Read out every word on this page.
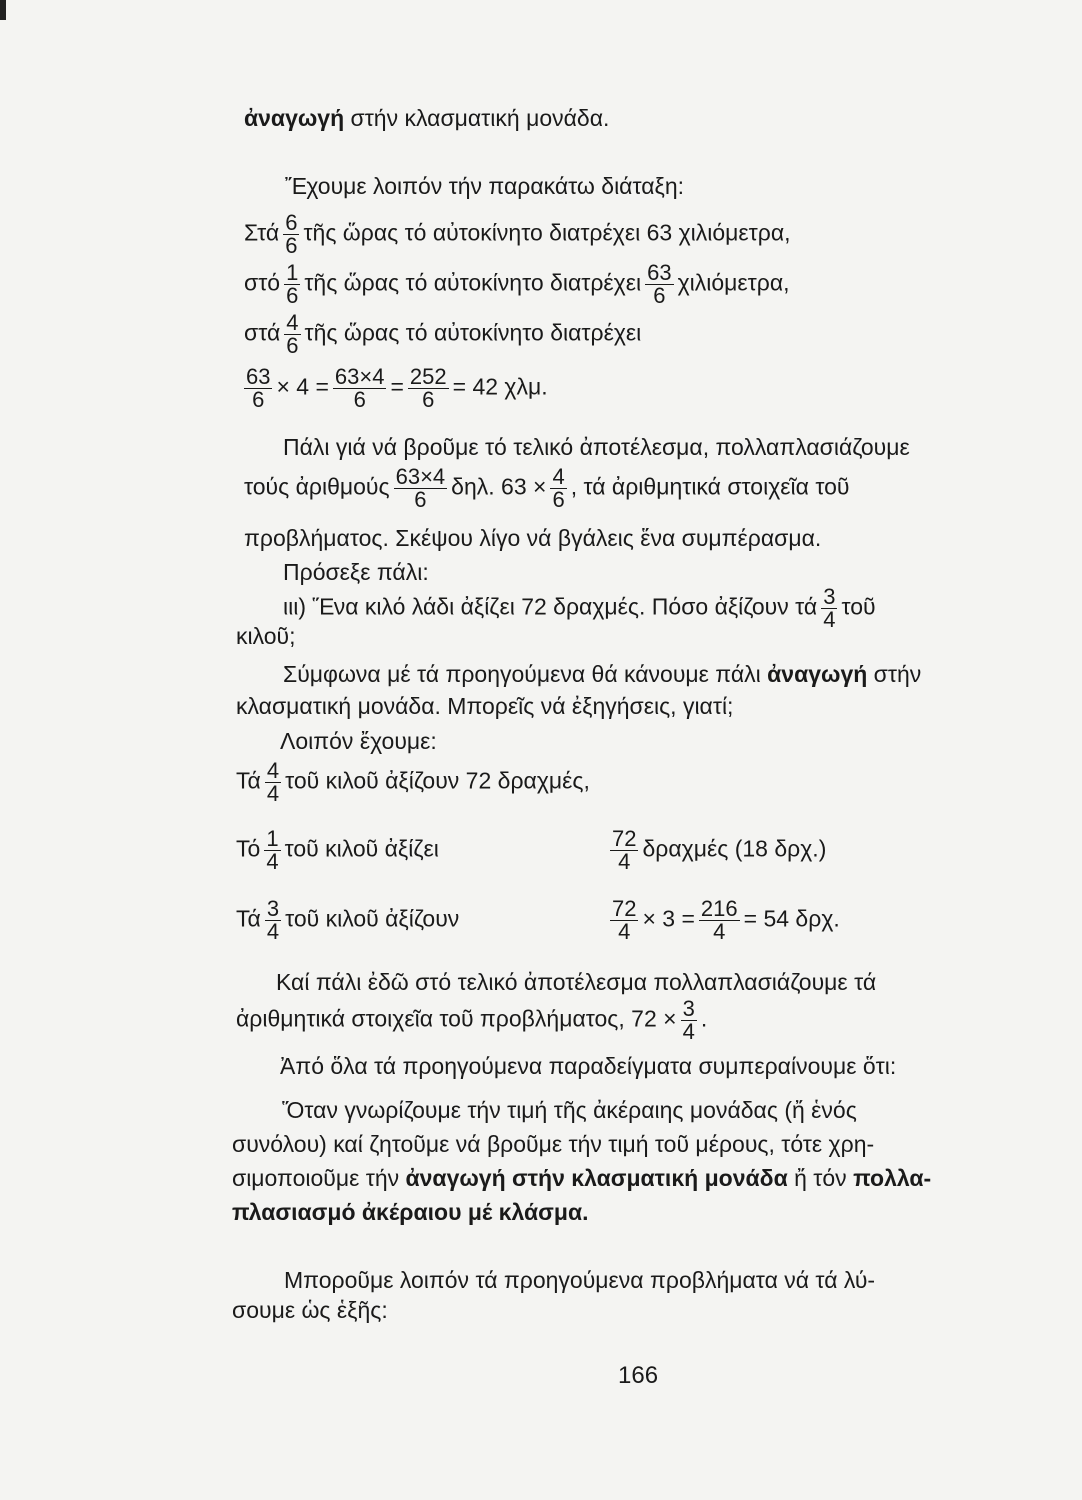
ἀναγωγή στήν κλασματική μονάδα.
Ἔχουμε λοιπόν τήν παρακάτω διάταξη:
Στά $\frac{6}{6}$ τῆς ὥρας τό αὐτοκίνητο διατρέχει 63 χιλιόμετρα,
στό $\frac{1}{6}$ τῆς ὥρας τό αὐτοκίνητο διατρέχει $\frac{63}{6} \chi\iota\lambda\iota ό\mu\varepsilon\tau\rho\alpha$,
στά $\frac{4}{6}$ τῆς ὥρας τό αὐτοκίνητο διατρέχει
$\frac{63}{6} \times 4 = \frac{63\times 4}{6} = \frac{252}{6} = 42$ χλμ.
Πάλι γιά νά βροῦμε τό τελικό ἀποτέλεσμα, πολλαπλασιάζουμε
τούς ἀριθμούς $\frac{63\times 4}{6} \delta\eta\lambda$. $63 \times \frac{4}{6}$ , τά ἀριθμητικά στοιχεῖα τοῦ
προβλήματος. Σκέψου λίγο νά βγάλεις ἕνα συμπέρασμα.
Πρόσεξε πάλι:
ιιι) Ἕνα κιλό λάδι ἀξίζει 72 δραχμές. Πόσο ἀξίζουν τά $\frac{3}{4}$ τοῦ
κιλοῦ;
Σύμφωνα μέ τά προηγούμενα θά κάνουμε πάλι ἀναγωγή στήν
κλασματική μονάδα. Μπορεῖς νά ἐξηγήσεις, γιατί;
Λοιπόν ἔχουμε:
Τά $\frac{4}{4}$ τοῦ κιλοῦ ἀξίζουν 72 δραχμές,
Τό $\frac{1}{4}$ τοῦ κιλοῦ ἀξίζει	$\frac{72}{4}$ δραχμές (18 δρχ.)
Τά $\frac{3}{4}$ τοῦ κιλοῦ ἀξίζουν	$\frac{72}{4} \times 3 = \frac{216}{4} = 54$ δρχ.
Καί πάλι ἐδῶ στό τελικό ἀποτέλεσμα πολλαπλασιάζουμε τά
ἀριθμητικά στοιχεῖα τοῦ προβλήματος, $72 \times \frac{3}{4}$ .
Ἀπό ὅλα τά προηγούμενα παραδείγματα συμπεραίνουμε ὅτι:
Ὅταν γνωρίζουμε τήν τιμή τῆς ἀκέραιης μονάδας (ἤ ἑνός
συνόλου) καί ζητοῦμε νά βροῦμε τήν τιμή τοῦ μέρους, τότε χρη-
σιμοποιοῦμε τήν ἀναγωγή στήν κλασματική μονάδα ἤ τόν πολλα-
πλασιασμό ἀκέραιου μέ κλάσμα.
Μποροῦμε λοιπόν τά προηγούμενα προβλήματα νά τά λύ-
σουμε ὡς ἑξῆς:
166
